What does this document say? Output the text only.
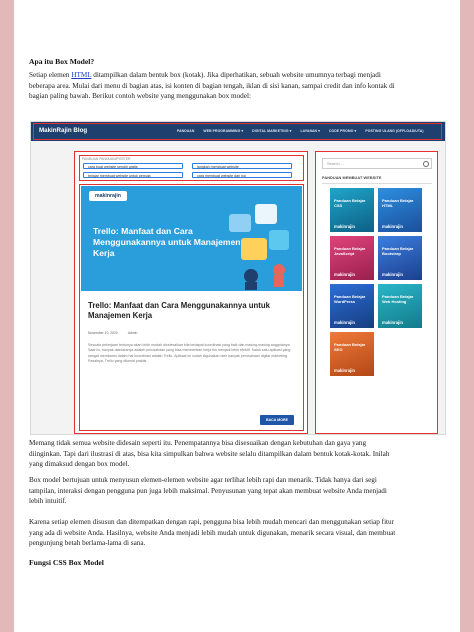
Apa itu Box Model?

Setiap elemen HTML ditampilkan dalam bentuk box (kotak). Jika diperhatikan, sebuah website umumnya terbagi menjadi beberapa area. Mulai dari menu di bagian atas, isi konten di bagian tengah, iklan di sisi kanan, sampai credit dan info kontak di bagian paling bawah. Berikut contoh website yang menggunakan box model:

MakinRajin Blog	PANDUAN	WEB PROGRAMMING ▾	DIGITAL MARKETING ▾	LAYANAN ▾	CODE PROMO ▾	POSTING ULANG (OFFLOAD/UTA)
PANDUAN PANDUAN/POSTER
cara buat website sendiri gratis	langkah membuat website
belajar membuat website untuk pemula	cara membuat website dari nol
makinrajin

Trello: Manfaat dan Cara Menggunakannya untuk Manajemen Kerja

Trello: Manfaat dan Cara Menggunakannya untuk Manajemen Kerja

November 10, 2020	Admin

Sesuatu pekerjaan tentunya akan lebih mudah diselesaikan bila terdapat koordinasi yang baik dan masing-masing anggotanya. Saat ini, banyak diantaranya adalah perusahaan yang bisa memberikan kerja tim menjadi lebih efektif. Salah satu aplikasi yang sangat membantu dalam hal koordinasi adalah Trello. Aplikasi ini sudah digunakan oleh banyak perusahaan digital marketing. Pasalnya, Trello yang dikenal praktis.

BACA MORE
Search ...
PANDUAN MEMBUAT WEBSITE
Panduan Belajar CSS
makinrajin
Panduan Belajar HTML
makinrajin
Panduan Belajar JavaScript
makinrajin
Panduan Belajar Bootstrap
makinrajin
Panduan Belajar WordPress
makinrajin
Panduan Belajar Web Hosting
makinrajin
Panduan Belajar SEO
makinrajin

Memang tidak semua website didesain seperti itu. Penempatannya bisa disesuaikan dengan kebutuhan dan gaya yang diinginkan. Tapi dari ilustrasi di atas, bisa kita simpulkan bahwa website selalu ditampilkan dalam bentuk kotak-kotak. Inilah yang dimaksud dengan box model.

Box model bertujuan untuk menyusun elemen-elemen website agar terlihat lebih rapi dan menarik. Tidak hanya dari segi tampilan, interaksi dengan pengguna pun juga lebih maksimal. Penyusunan yang tepat akan membuat website Anda menjadi lebih intuitif.

Karena setiap elemen disusun dan ditempatkan dengan rapi, pengguna bisa lebih mudah mencari dan menggunakan setiap fitur yang ada di website Anda. Hasilnya, website Anda menjadi lebih mudah untuk digunakan, menarik secara visual, dan membuat pengunjung betah berlama-lama di sana.

Fungsi CSS Box Model
